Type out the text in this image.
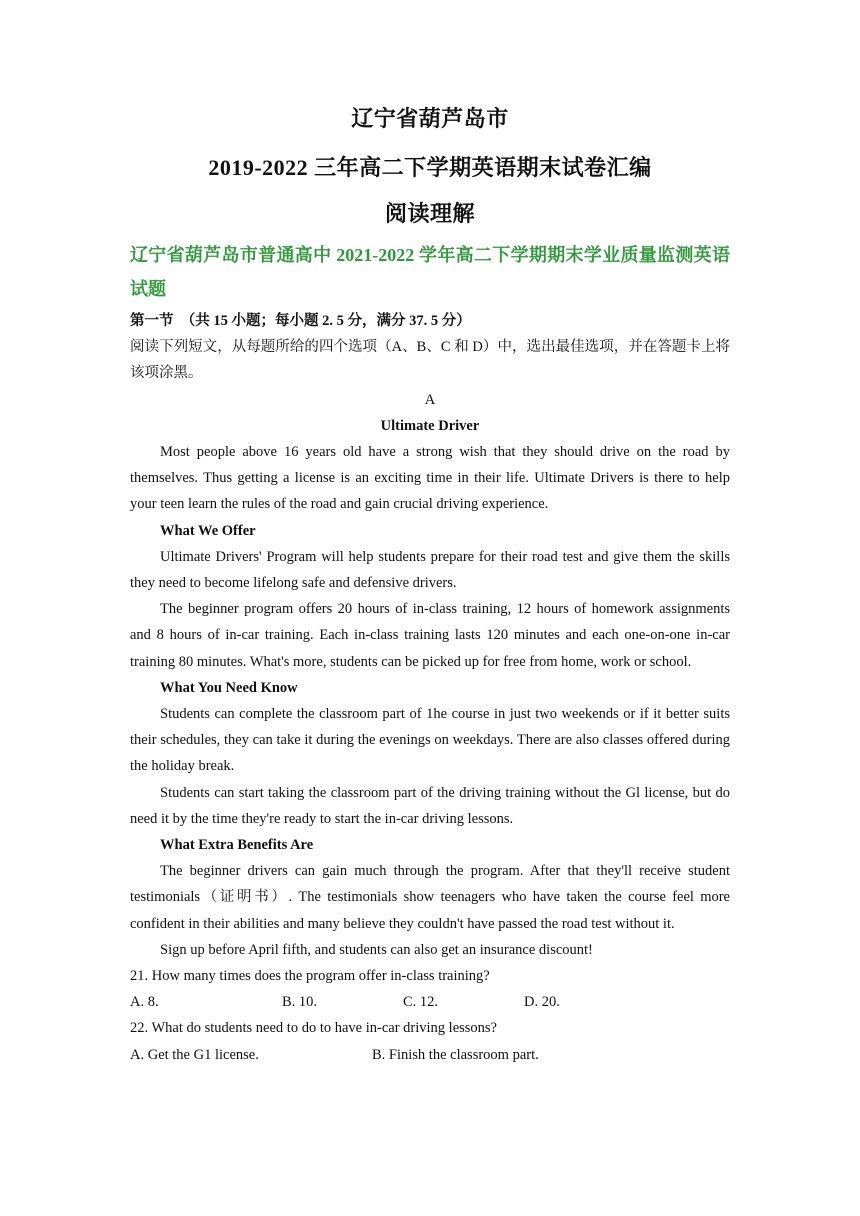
辽宁省葫芦岛市

2019-2022 三年高二下学期英语期末试卷汇编

阅读理解

辽宁省葫芦岛市普通高中 2021-2022 学年高二下学期期末学业质量监测英语试题

第一节　（共 15 小题；每小题 2. 5 分，满分 37. 5 分）

阅读下列短文，从每题所给的四个选项（A、B、C 和 D）中，选出最佳选项，并在答题卡上将该项涂黑。

A

Ultimate Driver

Most people above 16 years old have a strong wish that they should drive on the road by themselves. Thus getting a license is an exciting time in their life. Ultimate Drivers is there to help your teen learn the rules of the road and gain crucial driving experience.

What We Offer

Ultimate Drivers' Program will help students prepare for their road test and give them the skills they need to become lifelong safe and defensive drivers.

The beginner program offers 20 hours of in-class training, 12 hours of homework assignments and 8 hours of in-car training. Each in-class training lasts 120 minutes and each one-on-one in-car training 80 minutes. What's more, students can be picked up for free from home, work or school.

What You Need Know

Students can complete the classroom part of 1he course in just two weekends or if it better suits their schedules, they can take it during the evenings on weekdays. There are also classes offered during the holiday break.

Students can start taking the classroom part of the driving training without the Gl license, but do need it by the time they're ready to start the in-car driving lessons.

What Extra Benefits Are

The beginner drivers can gain much through the program. After that they'll receive student testimonials（证明书）. The testimonials show teenagers who have taken the course feel more confident in their abilities and many believe they couldn't have passed the road test without it.

Sign up before April fifth, and students can also get an insurance discount!

21. How many times does the program offer in-class training?

A. 8.	B. 10.	C. 12.	D. 20.

22. What do students need to do to have in-car driving lessons?

A. Get the G1 license.	B. Finish the classroom part.
